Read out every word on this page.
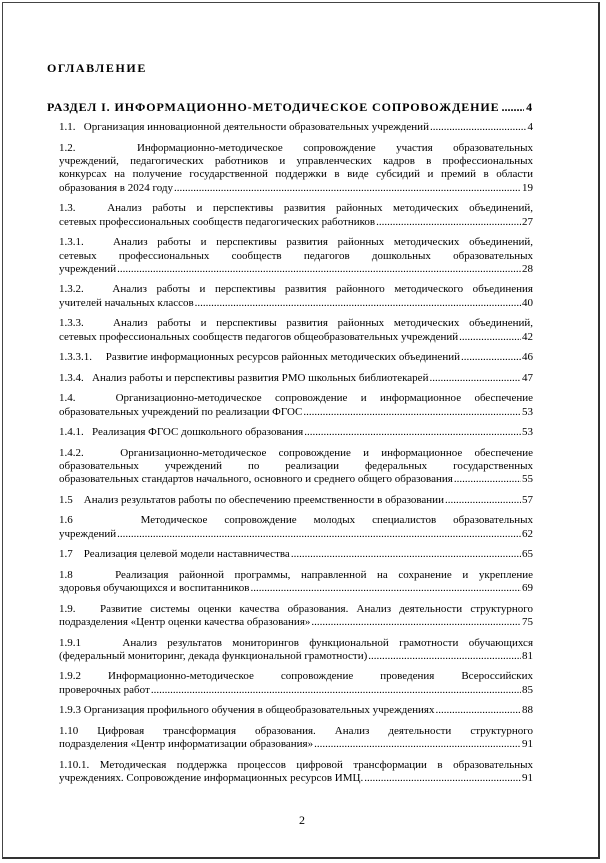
ОГЛАВЛЕНИЕ
РАЗДЕЛ I. ИНФОРМАЦИОННО-МЕТОДИЧЕСКОЕ СОПРОВОЖДЕНИЕ ..... 4
1.1.   Организация инновационной деятельности образовательных учреждений .....	4
1.2.   Информационно-методическое сопровождение участия образовательных
учреждений, педагогических работников и управленческих кадров в профессиональных
конкурсах на получение государственной поддержки в виде субсидий и премий в области
образования в 2024 году .....	19
1.3.   Анализ работы и перспективы развития районных методических объединений,
сетевых профессиональных сообществ педагогических работников .....	27
1.3.1.   Анализ работы и перспективы развития районных методических объединений,
сетевых профессиональных сообществ педагогов дошкольных образовательных
учреждений .....	28
1.3.2.   Анализ работы и перспективы развития районного методического объединения
учителей начальных классов .....	40
1.3.3.   Анализ работы и перспективы развития районных методических объединений,
сетевых профессиональных сообществ педагогов общеобразовательных учреждений .....	42
1.3.3.1.     Развитие информационных ресурсов районных методических объединений .....	46
1.3.4.   Анализ работы и перспективы развития РМО школьных библиотекарей .....	47
1.4.   Организационно-методическое сопровождение и информационное обеспечение
образовательных учреждений по реализации ФГОС .....	53
1.4.1.   Реализация ФГОС дошкольного образования .....	53
1.4.2.   Организационно-методическое сопровождение и информационное обеспечение
образовательных учреждений по реализации федеральных государственных
образовательных стандартов начального, основного и среднего общего образования .....	55
1.5    Анализ результатов работы по обеспечению преемственности в образовании .....	57
1.6    Методическое сопровождение молодых специалистов образовательных
учреждений .....	62
1.7    Реализация целевой модели наставничества .....	65
1.8    Реализация районной программы, направленной на сохранение и укрепление
здоровья обучающихся и воспитанников .....	69
1.9.   Развитие системы оценки качества образования. Анализ деятельности структурного
подразделения «Центр оценки качества образования» .....	75
1.9.1    Анализ результатов мониторингов функциональной грамотности обучающихся
(федеральный мониторинг, декада функциональной грамотности) .....	81
1.9.2 Информационно-методическое сопровождение проведения Всероссийских
проверочных работ .....	85
1.9.3 Организация профильного обучения в общеобразовательных учреждениях .....	88
1.10 Цифровая трансформация образования. Анализ деятельности структурного
подразделения «Центр информатизации образования» .....	91
1.10.1. Методическая поддержка процессов цифровой трансформации в образовательных
учреждениях. Сопровождение информационных ресурсов ИМЦ. .....	91
2
